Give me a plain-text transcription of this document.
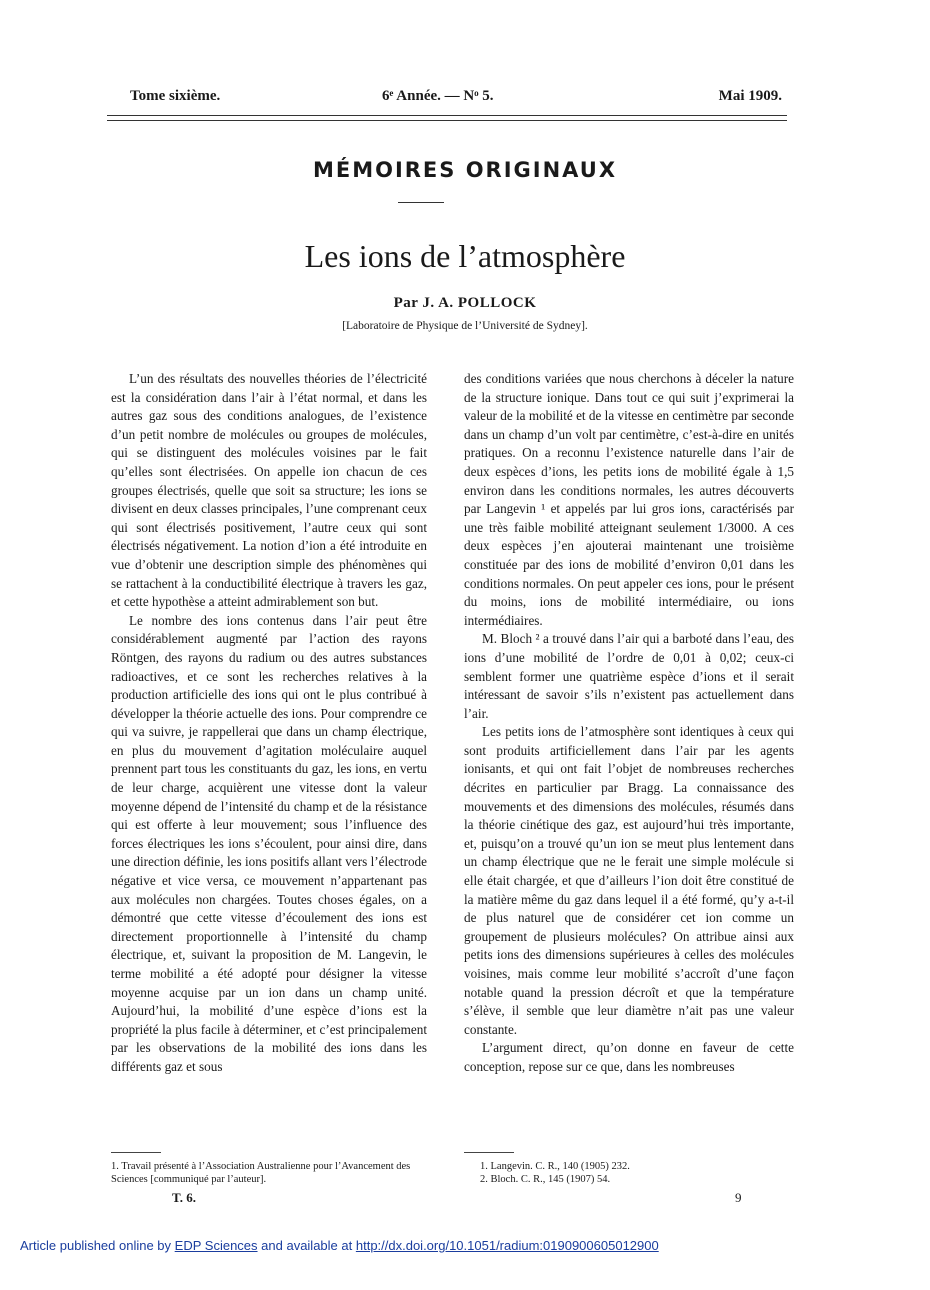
Tome sixième.	6ᵉ Année. — Nᵒ 5.	Mai 1909.
MÉMOIRES ORIGINAUX
Les ions de l’atmosphère
Par J. A. POLLOCK
[Laboratoire de Physique de l’Université de Sydney].

L’un des résultats des nouvelles théories de l’électricité est la considération dans l’air à l’état normal, et dans les autres gaz sous des conditions analogues, de l’existence d’un petit nombre de molécules ou groupes de molécules, qui se distinguent des molécules voisines par le fait qu’elles sont électrisées. On appelle ion chacun de ces groupes électrisés, quelle que soit sa structure; les ions se divisent en deux classes principales, l’une comprenant ceux qui sont électrisés positivement, l’autre ceux qui sont électrisés négativement. La notion d’ion a été introduite en vue d’obtenir une description simple des phénomènes qui se rattachent à la conductibilité électrique à travers les gaz, et cette hypothèse a atteint admirablement son but.

Le nombre des ions contenus dans l’air peut être considérablement augmenté par l’action des rayons Röntgen, des rayons du radium ou des autres substances radioactives, et ce sont les recherches relatives à la production artificielle des ions qui ont le plus contribué à développer la théorie actuelle des ions. Pour comprendre ce qui va suivre, je rappellerai que dans un champ électrique, en plus du mouvement d’agitation moléculaire auquel prennent part tous les constituants du gaz, les ions, en vertu de leur charge, acquièrent une vitesse dont la valeur moyenne dépend de l’intensité du champ et de la résistance qui est offerte à leur mouvement; sous l’influence des forces électriques les ions s’écoulent, pour ainsi dire, dans une direction définie, les ions positifs allant vers l’électrode négative et vice versa, ce mouvement n’appartenant pas aux molécules non chargées. Toutes choses égales, on a démontré que cette vitesse d’écoulement des ions est directement proportionnelle à l’intensité du champ électrique, et, suivant la proposition de M. Langevin, le terme mobilité a été adopté pour désigner la vitesse moyenne acquise par un ion dans un champ unité. Aujourd’hui, la mobilité d’une espèce d’ions est la propriété la plus facile à déterminer, et c’est principalement par les observations de la mobilité des ions dans les différents gaz et sous

des conditions variées que nous cherchons à déceler la nature de la structure ionique. Dans tout ce qui suit j’exprimerai la valeur de la mobilité et de la vitesse en centimètre par seconde dans un champ d’un volt par centimètre, c’est-à-dire en unités pratiques. On a reconnu l’existence naturelle dans l’air de deux espèces d’ions, les petits ions de mobilité égale à 1,5 environ dans les conditions normales, les autres découverts par Langevin ¹ et appelés par lui gros ions, caractérisés par une très faible mobilité atteignant seulement 1/3000. A ces deux espèces j’en ajouterai maintenant une troisième constituée par des ions de mobilité d’environ 0,01 dans les conditions normales. On peut appeler ces ions, pour le présent du moins, ions de mobilité intermédiaire, ou ions intermédiaires.

M. Bloch ² a trouvé dans l’air qui a barboté dans l’eau, des ions d’une mobilité de l’ordre de 0,01 à 0,02; ceux-ci semblent former une quatrième espèce d’ions et il serait intéressant de savoir s’ils n’existent pas actuellement dans l’air.

Les petits ions de l’atmosphère sont identiques à ceux qui sont produits artificiellement dans l’air par les agents ionisants, et qui ont fait l’objet de nombreuses recherches décrites en particulier par Bragg. La connaissance des mouvements et des dimensions des molécules, résumés dans la théorie cinétique des gaz, est aujourd’hui très importante, et, puisqu’on a trouvé qu’un ion se meut plus lentement dans un champ électrique que ne le ferait une simple molécule si elle était chargée, et que d’ailleurs l’ion doit être constitué de la matière même du gaz dans lequel il a été formé, qu’y a-t-il de plus naturel que de considérer cet ion comme un groupement de plusieurs molécules? On attribue ainsi aux petits ions des dimensions supérieures à celles des molécules voisines, mais comme leur mobilité s’accroît d’une façon notable quand la pression décroît et que la température s’élève, il semble que leur diamètre n’ait pas une valeur constante.

L’argument direct, qu’on donne en faveur de cette conception, repose sur ce que, dans les nombreuses

1. Travail présenté à l’Association Australienne pour l’Avancement des Sciences [communiqué par l’auteur].
1. Langevin. C. R., 140 (1905) 232.
2. Bloch. C. R., 145 (1907) 54.
T. 6.	9
Article published online by EDP Sciences and available at http://dx.doi.org/10.1051/radium:0190900605012900
